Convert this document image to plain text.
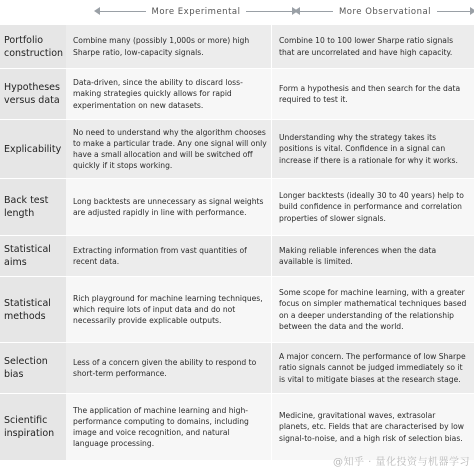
More Experimental	More Observational
Portfolio construction
Combine many (possibly 1,000s or more) high Sharpe ratio, low-capacity signals.
Combine 10 to 100 lower Sharpe ratio signals that are uncorrelated and have high capacity.
Hypotheses versus data
Data-driven, since the ability to discard loss-making strategies quickly allows for rapid experimentation on new datasets.
Form a hypothesis and then search for the data required to test it.
Explicability
No need to understand why the algorithm chooses to make a particular trade. Any one signal will only have a small allocation and will be switched off quickly if it stops working.
Understanding why the strategy takes its positions is vital. Confidence in a signal can increase if there is a rationale for why it works.
Back test length
Long backtests are unnecessary as signal weights are adjusted rapidly in line with performance.
Longer backtests (ideally 30 to 40 years) help to build confidence in performance and correlation properties of slower signals.
Statistical aims
Extracting information from vast quantities of recent data.
Making reliable inferences when the data available is limited.
Statistical methods
Rich playground for machine learning techniques, which require lots of input data and do not necessarily provide explicable outputs.
Some scope for machine learning, with a greater focus on simpler mathematical techniques based on a deeper understanding of the relationship between the data and the world.
Selection bias
Less of a concern given the ability to respond to short-term performance.
A major concern. The performance of low Sharpe ratio signals cannot be judged immediately so it is vital to mitigate biases at the research stage.
Scientific inspiration
The application of machine learning and high-performance computing to domains, including image and voice recognition, and natural language processing.
Medicine, gravitational waves, extrasolar planets, etc. Fields that are characterised by low signal-to-noise, and a high risk of selection bias.
@知乎 · 量化投资与机器学习
